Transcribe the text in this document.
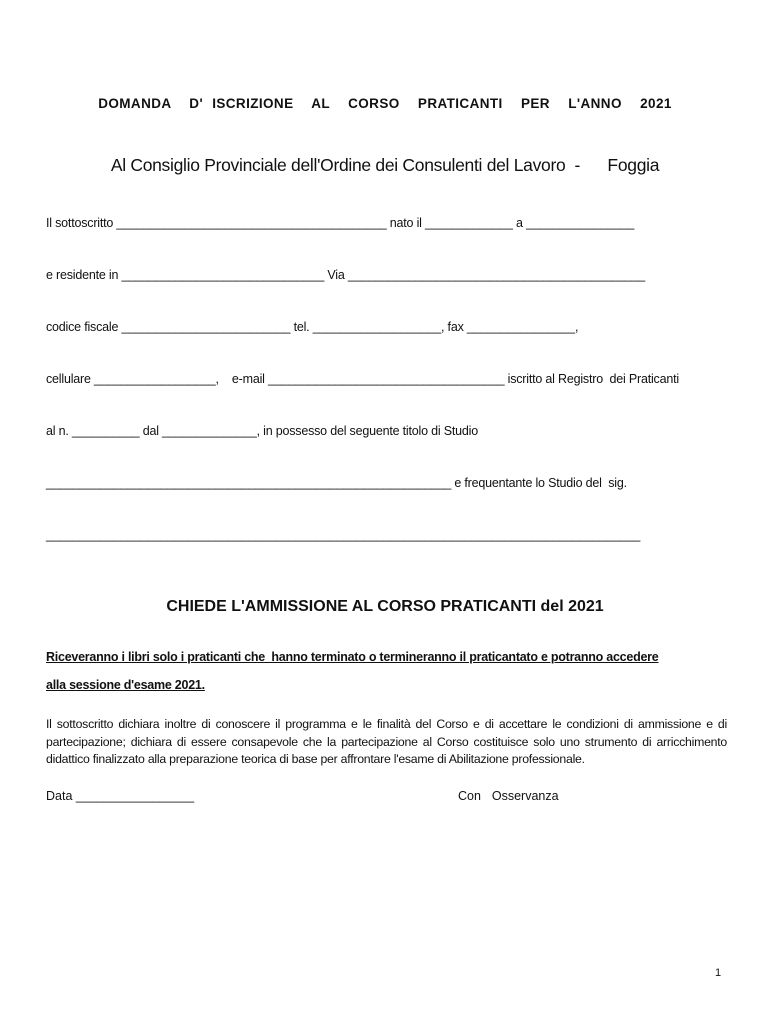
DOMANDA  D' ISCRIZIONE  AL  CORSO  PRATICANTI  PER  L'ANNO  2021

Al Consiglio Provinciale dell'Ordine dei Consulenti del Lavoro  -      Foggia

Il sottoscritto ________________________________________ nato il _____________ a ________________

e residente in ______________________________ Via ____________________________________________

codice fiscale _________________________ tel. ___________________, fax ________________,

cellulare __________________,    e-mail ___________________________________ iscritto al Registro  dei Praticanti

al n. __________ dal ______________, in possesso del seguente titolo di Studio

____________________________________________________________ e frequentante lo Studio del  sig.

________________________________________________________________________________________

CHIEDE L'AMMISSIONE AL CORSO PRATICANTI del 2021

Riceveranno i libri solo i praticanti che  hanno terminato o termineranno il praticantato e potranno accedere

alla sessione d'esame 2021.

Il sottoscritto dichiara inoltre di conoscere il programma e le finalità del Corso e di accettare le condizioni di ammissione e di partecipazione; dichiara di essere consapevole che la partecipazione al Corso costituisce solo uno strumento di arricchimento didattico finalizzato alla preparazione teorica di base per affrontare l'esame di Abilitazione professionale.

Data _________________	Con  Osservanza

1
